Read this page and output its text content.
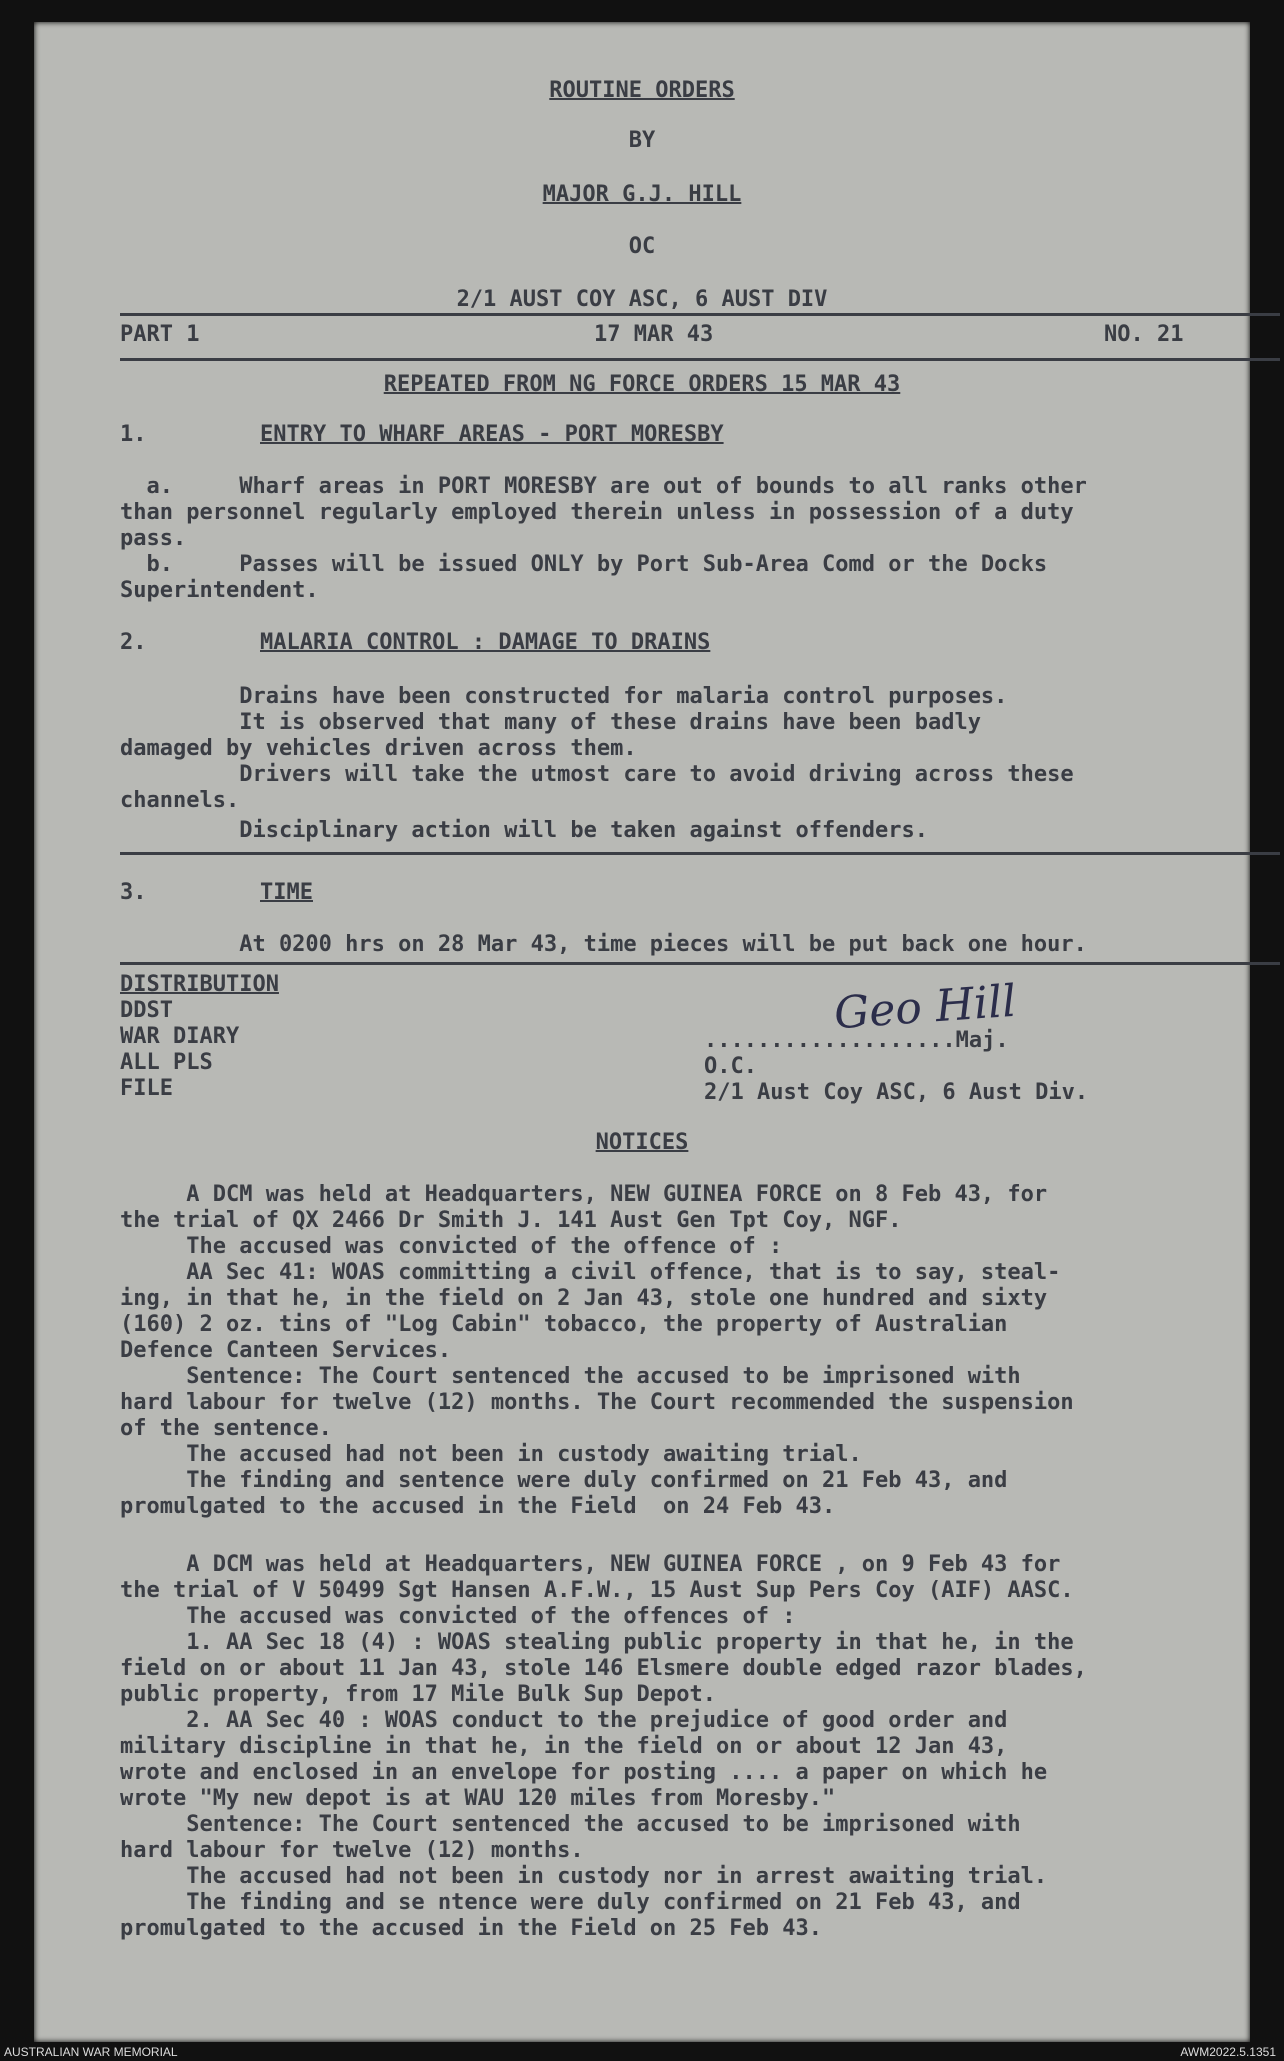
ROUTINE ORDERS
BY
MAJOR G.J. HILL
OC
2/1 AUST COY ASC, 6 AUST DIV
PART 1	17 MAR 43	NO. 21
REPEATED FROM NG FORCE ORDERS 15 MAR 43
1.	ENTRY TO WHARF AREAS - PORT MORESBY
a.     Wharf areas in PORT MORESBY are out of bounds to all ranks other
than personnel regularly employed therein unless in possession of a duty
pass.
b.     Passes will be issued ONLY by Port Sub-Area Comd or the Docks
Superintendent.
2.	MALARIA CONTROL : DAMAGE TO DRAINS
Drains have been constructed for malaria control purposes.
It is observed that many of these drains have been badly
damaged by vehicles driven across them.
Drivers will take the utmost care to avoid driving across these
channels.
Disciplinary action will be taken against offenders.
3.	TIME
At 0200 hrs on 28 Mar 43, time pieces will be put back one hour.
DISTRIBUTION
DDST
WAR DIARY
ALL PLS
FILE
Geo Hill
...................Maj.
O.C.
2/1 Aust Coy ASC, 6 Aust Div.
NOTICES
A DCM was held at Headquarters, NEW GUINEA FORCE on 8 Feb 43, for
the trial of QX 2466 Dr Smith J. 141 Aust Gen Tpt Coy, NGF.
The accused was convicted of the offence of :
AA Sec 41: WOAS committing a civil offence, that is to say, steal-
ing, in that he, in the field on 2 Jan 43, stole one hundred and sixty
(160) 2 oz. tins of "Log Cabin" tobacco, the property of Australian
Defence Canteen Services.
Sentence: The Court sentenced the accused to be imprisoned with
hard labour for twelve (12) months. The Court recommended the suspension
of the sentence.
The accused had not been in custody awaiting trial.
The finding and sentence were duly confirmed on 21 Feb 43, and
promulgated to the accused in the Field  on 24 Feb 43.
A DCM was held at Headquarters, NEW GUINEA FORCE , on 9 Feb 43 for
the trial of V 50499 Sgt Hansen A.F.W., 15 Aust Sup Pers Coy (AIF) AASC.
The accused was convicted of the offences of :
1. AA Sec 18 (4) : WOAS stealing public property in that he, in the
field on or about 11 Jan 43, stole 146 Elsmere double edged razor blades,
public property, from 17 Mile Bulk Sup Depot.
2. AA Sec 40 : WOAS conduct to the prejudice of good order and
military discipline in that he, in the field on or about 12 Jan 43,
wrote and enclosed in an envelope for posting .... a paper on which he
wrote "My new depot is at WAU 120 miles from Moresby."
Sentence: The Court sentenced the accused to be imprisoned with
hard labour for twelve (12) months.
The accused had not been in custody nor in arrest awaiting trial.
The finding and se ntence were duly confirmed on 21 Feb 43, and
promulgated to the accused in the Field on 25 Feb 43.
AUSTRALIAN WAR MEMORIAL	AWM2022.5.1351
